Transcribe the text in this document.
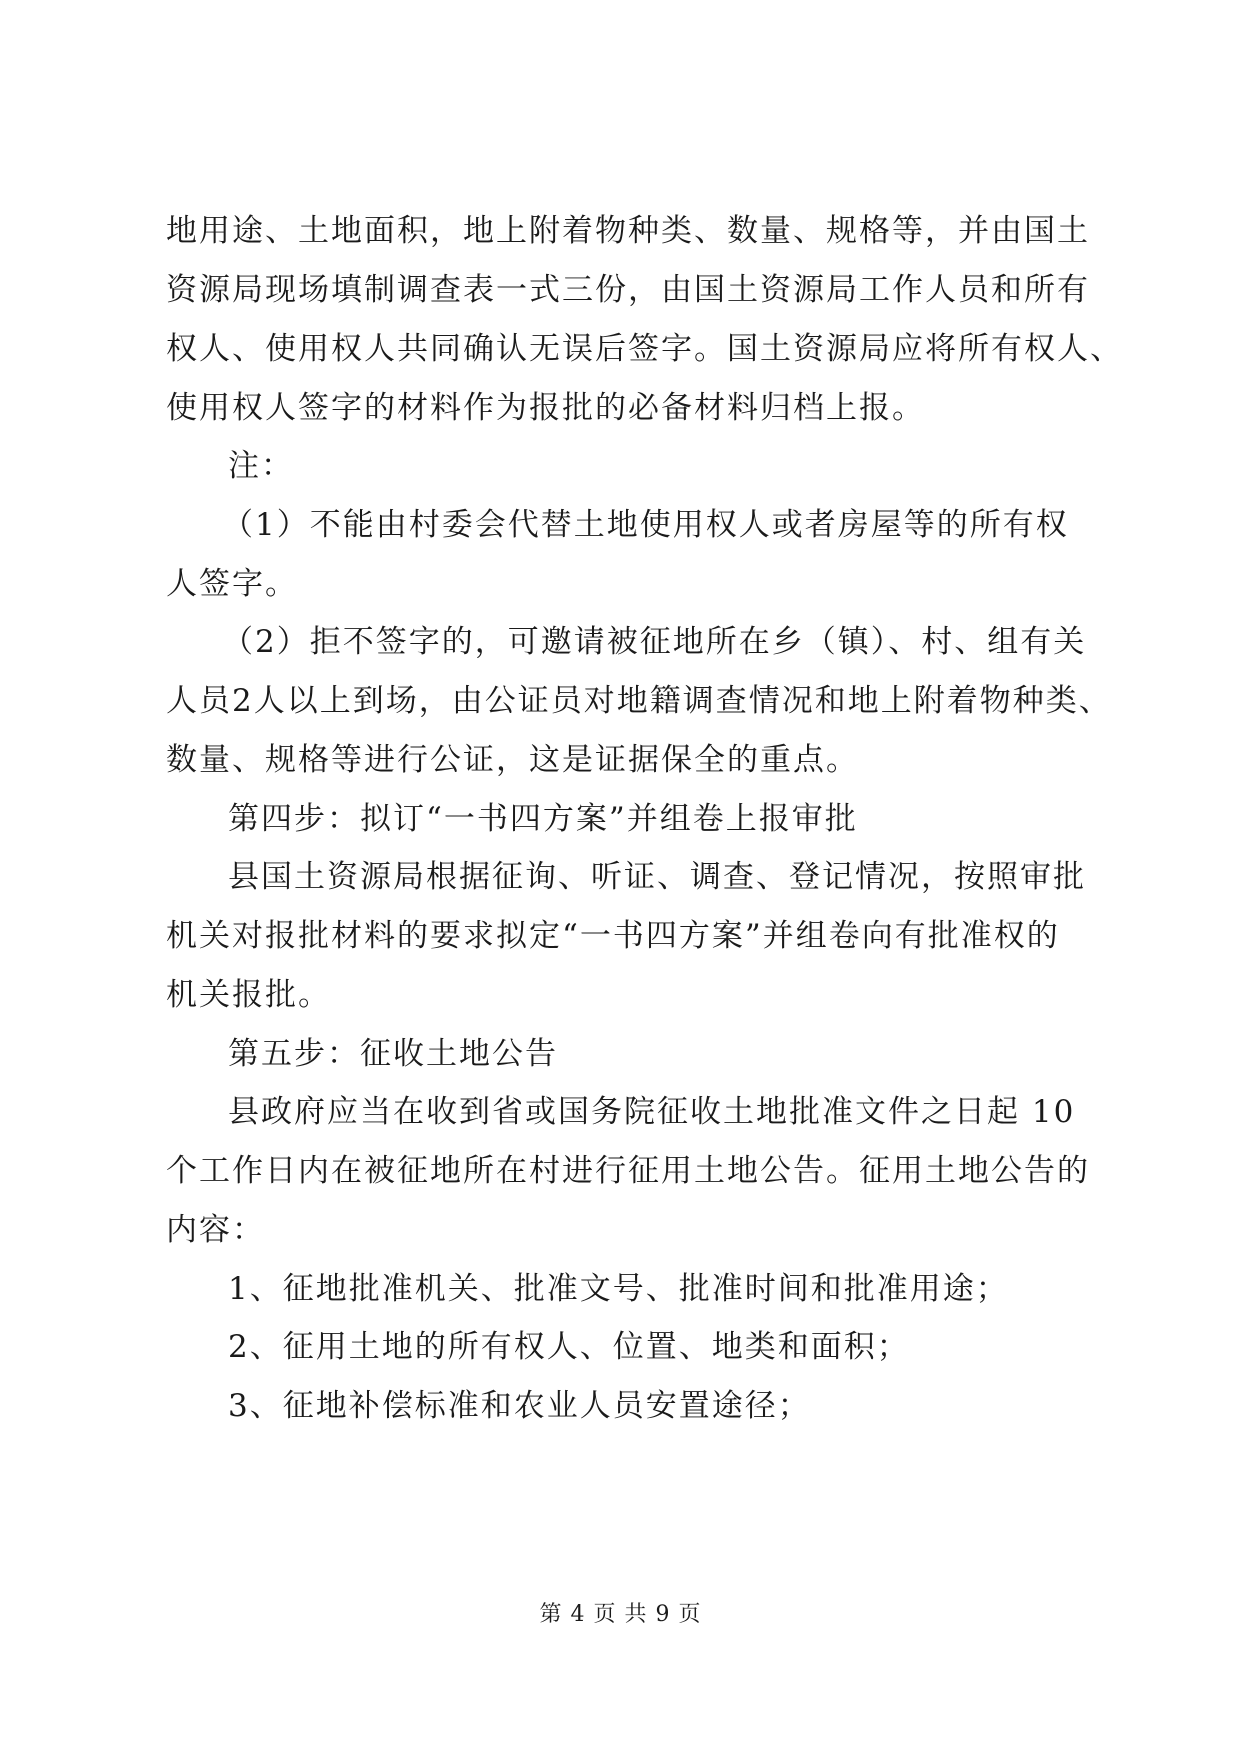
地用途、土地面积，地上附着物种类、数量、规格等，并由国土
资源局现场填制调查表一式三份，由国土资源局工作人员和所有
权人、使用权人共同确认无误后签字。国土资源局应将所有权人、
使用权人签字的材料作为报批的必备材料归档上报。
注：
（1）不能由村委会代替土地使用权人或者房屋等的所有权
人签字。
（2）拒不签字的，可邀请被征地所在乡（镇）、村、组有关
人员2人以上到场，由公证员对地籍调查情况和地上附着物种类、
数量、规格等进行公证，这是证据保全的重点。
第四步：拟订“一书四方案”并组卷上报审批
县国土资源局根据征询、听证、调查、登记情况，按照审批
机关对报批材料的要求拟定“一书四方案”并组卷向有批准权的
机关报批。
第五步：征收土地公告
县政府应当在收到省或国务院征收土地批准文件之日起 10
个工作日内在被征地所在村进行征用土地公告。征用土地公告的
内容：
1、征地批准机关、批准文号、批准时间和批准用途；
2、征用土地的所有权人、位置、地类和面积；
3、征地补偿标准和农业人员安置途径；
第 4 页 共 9 页
